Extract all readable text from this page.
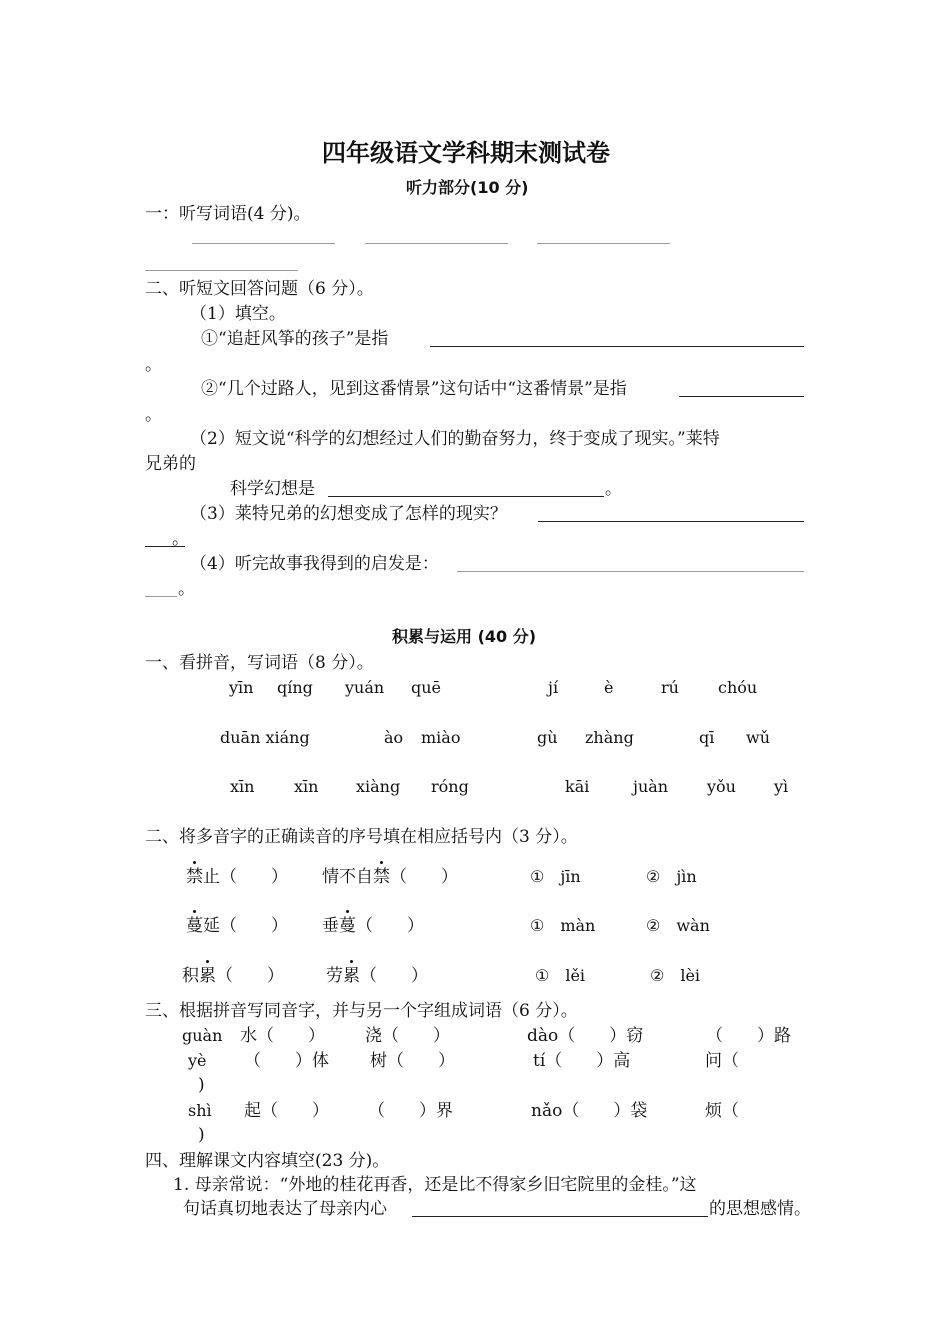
四年级语文学科期末测试卷
听力部分(10 分)
一：听写词语(4 分)。
二、听短文回答问题（6 分）。
（1）填空。
①“追赶风筝的孩子”是指
。
②“几个过路人，见到这番情景”这句话中“这番情景”是指
。
（2）短文说“科学的幻想经过人们的勤奋努力，终于变成了现实。”莱特
兄弟的
科学幻想是	。
（3）莱特兄弟的幻想变成了怎样的现实？
。
（4）听完故事我得到的启发是：
。
积累与运用 (40 分)
一、看拼音，写词语（8 分）。
yīn qíng yuán quē	jí	è	rú chóu
duān xiáng	ào miào	gù zhàng	qī wǔ
xīn xīn xiàng róng	kāi	juàn yǒu yì
二、将多音字的正确读音的序号填在相应括号内（3 分）。
禁止（　　） 情不自禁（　　）	①　jīn	②　jìn
蔓延（　　） 垂蔓（　　）	①　màn	②　wàn
积累（　　） 劳累（　　）	①　lěi	②　lèi
三、根据拼音写同音字，并与另一个字组成词语（6 分）。
guàn 水（　　） 浇（　　）	dào（　　）窃	（　　）路
yè （　　）体 树（　　）	tí（　　）高	问（
)
shì 起（　　） （　　）界	nǎo（　　）袋	烦（
)
四、理解课文内容填空(23 分)。
1. 母亲常说：“外地的桂花再香，还是比不得家乡旧宅院里的金桂。”这
句话真切地表达了母亲内心	的思想感情。
